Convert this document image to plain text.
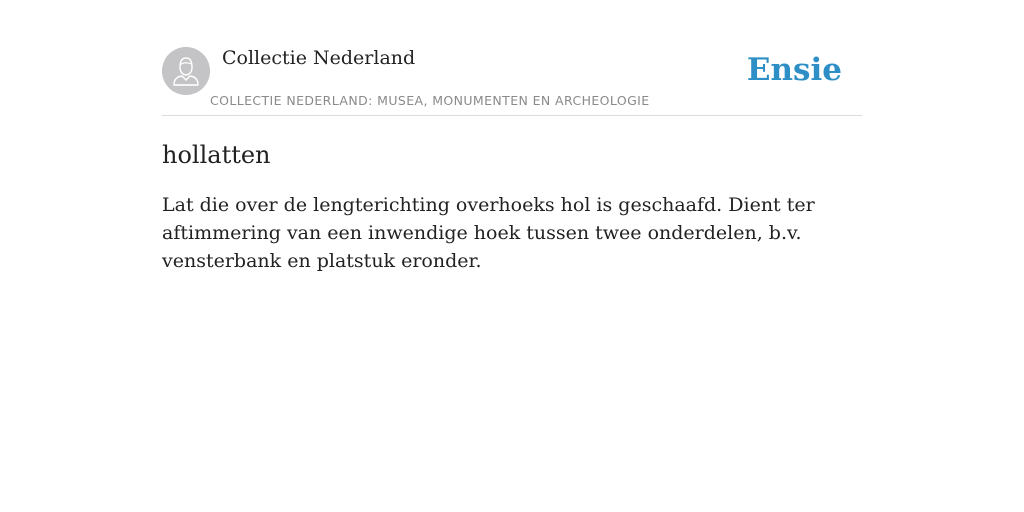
Collectie Nederland
COLLECTIE NEDERLAND: MUSEA, MONUMENTEN EN ARCHEOLOGIE
Ensie
hollatten

Lat die over de lengterichting overhoeks hol is geschaafd. Dient ter aftimmering van een inwendige hoek tussen twee onderdelen, b.v. vensterbank en platstuk eronder.
